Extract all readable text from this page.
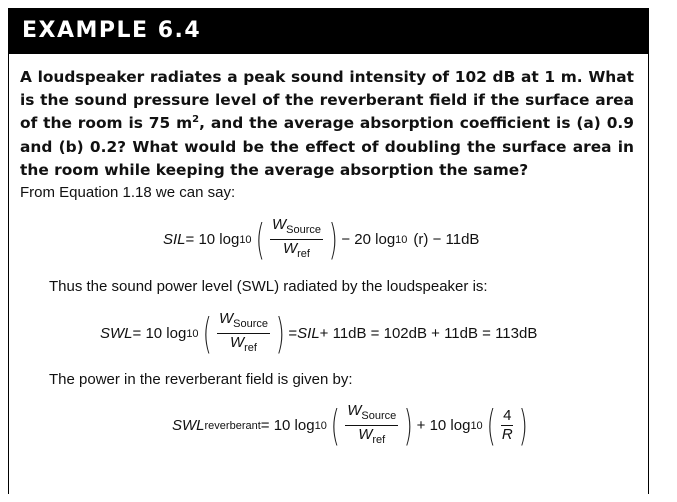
EXAMPLE 6.4
A loudspeaker radiates a peak sound intensity of 102 dB at 1 m. What is the sound pressure level of the reverberant field if the surface area of the room is 75 $m^2$, and the average absorption coefficient is (a) 0.9 and (b) 0.2? What would be the effect of doubling the surface area in the room while keeping the average absorption the same?
From Equation 1.18 we can say:
SIL = 10 log 10 ( $\frac{W_{Source}}{W_{ref}}$ ) − 20 log 10 (r) − 11dB
Thus the sound power level (SWL) radiated by the loudspeaker is:
SWL = 10 log 10 ( $\frac{W_{Source}}{W_{ref}}$ ) = SIL + 11dB = 102dB + 11dB = 113dB
The power in the reverberant field is given by:
SWL reverberant = 10 log 10 ( $\frac{W_{Source}}{W_{ref}}$ ) + 10 log 10 ( $\frac{4}{R}$ )
